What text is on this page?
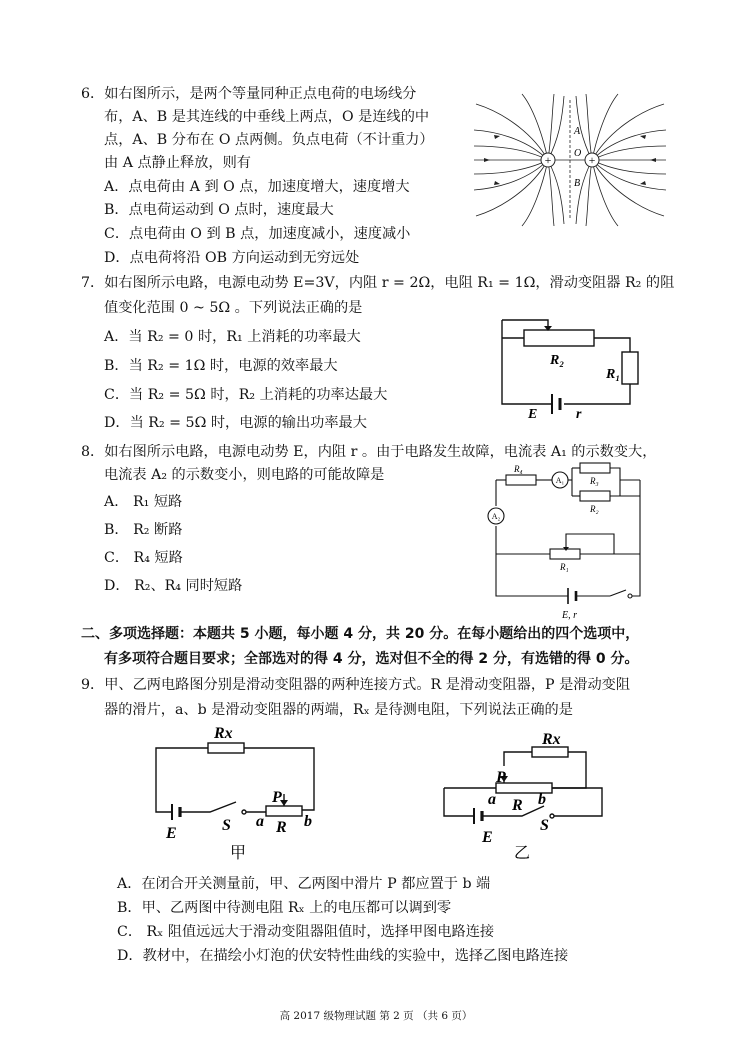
6．如右图所示，是两个等量同种正点电荷的电场线分
布，A、B 是其连线的中垂线上两点，O 是连线的中
点，A、B 分布在 O 点两侧。负点电荷（不计重力）
由 A 点静止释放，则有
A．点电荷由 A 到 O 点，加速度增大，速度增大
B．点电荷运动到 O 点时，速度最大
C．点电荷由 O 到 B 点，加速度减小，速度减小
D．点电荷将沿 OB 方向运动到无穷远处
+	+
A
O
B
7．如右图所示电路，电源电动势 E=3V，内阻 r = 2Ω，电阻 R₁ = 1Ω，滑动变阻器 R₂ 的阻
值变化范围 0 ~ 5Ω 。下列说法正确的是
A．当 R₂ = 0 时，R₁ 上消耗的功率最大
B．当 R₂ = 1Ω 时，电源的效率最大
C．当 R₂ = 5Ω 时，R₂ 上消耗的功率达最大
D．当 R₂ = 5Ω 时，电源的输出功率最大
R₂
R₁
E	r
8．如右图所示电路，电源电动势 E，内阻 r 。由于电路发生故障，电流表 A₁ 的示数变大，
电流表 A₂ 的示数变小，则电路的可能故障是
A． R₁ 短路
B． R₂ 断路
C． R₄ 短路
D． R₂、R₄ 同时短路
R₄
A₁	R₃
R₂
A₂
R₁
E, r
二、多项选择题：本题共 5 小题，每小题 4 分，共 20 分。在每小题给出的四个选项中，
有多项符合题目要求；全部选对的得 4 分，选对但不全的得 2 分，有选错的得 0 分。
9．甲、乙两电路图分别是滑动变阻器的两种连接方式。R 是滑动变阻器，P 是滑动变阻
器的滑片，a、b 是滑动变阻器的两端，Rₓ 是待测电阻，下列说法正确的是
Rx
E	S
P
a R b
甲
Rx
P
a R b
E
S
乙
A．在闭合开关测量前，甲、乙两图中滑片 P 都应置于 b 端
B．甲、乙两图中待测电阻 Rₓ 上的电压都可以调到零
C． Rₓ 阻值远远大于滑动变阻器阻值时，选择甲图电路连接
D．教材中，在描绘小灯泡的伏安特性曲线的实验中，选择乙图电路连接
高 2017 级物理试题 第 2 页 （共 6 页）
